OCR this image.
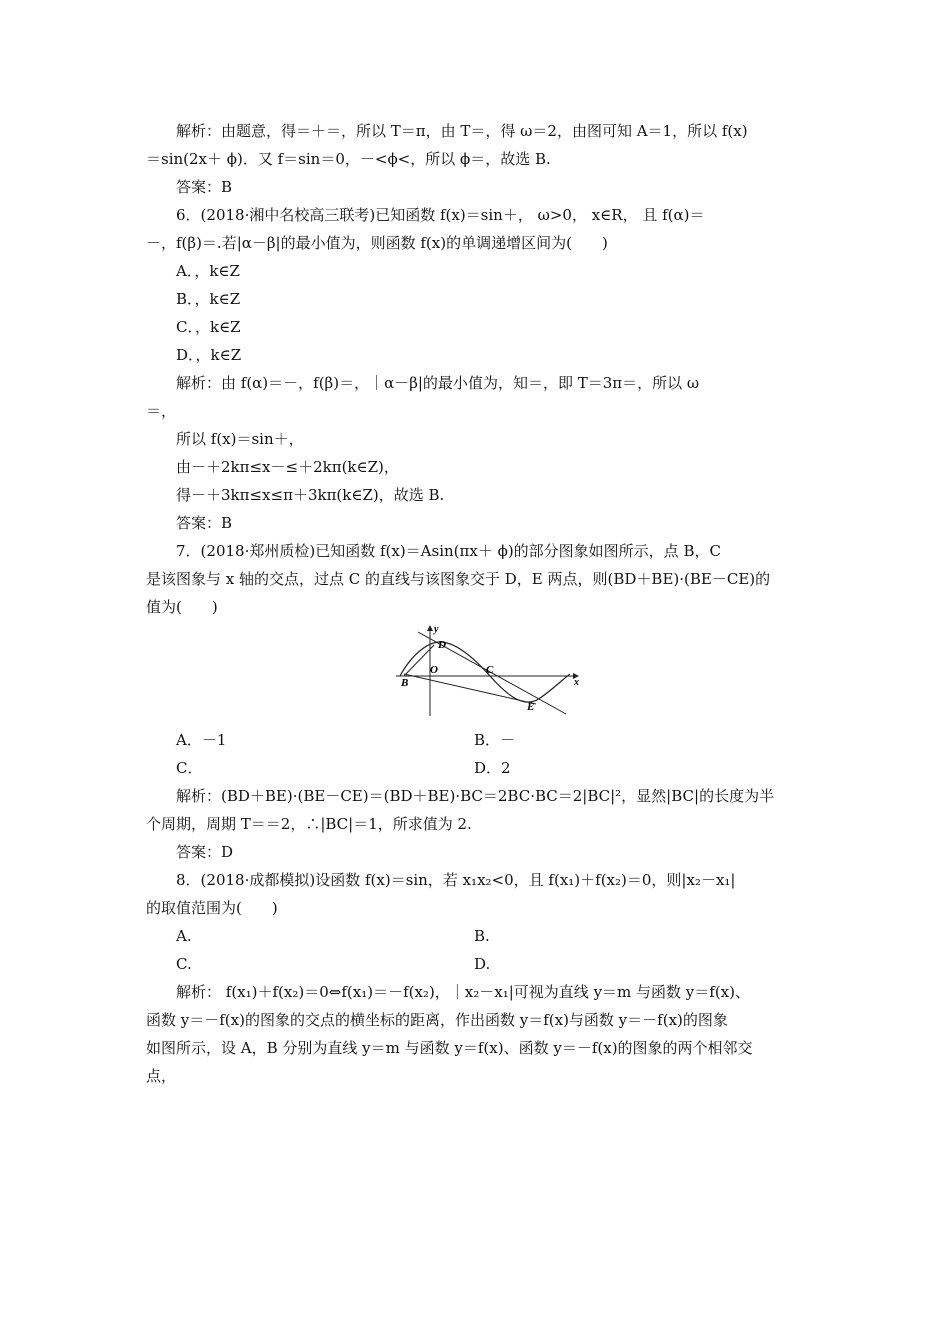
解析：由题意，得＝＋＝，所以 T＝π，由 T＝，得 ω＝2，由图可知 A＝1，所以 f(x)
＝sin(2x＋ ϕ)．又 f＝sin＝0，－<ϕ<，所以 ϕ＝，故选 B.
答案：B
6．(2018·湘中名校高三联考)已知函数 f(x)＝sin＋， ω>0， x∈R， 且 f(α)＝
－，f(β)＝.若|α－β|的最小值为，则函数 f(x)的单调递增区间为(　　)
A．，k∈Z
B．，k∈Z
C．，k∈Z
D．，k∈Z
解析：由 f(α)＝－，f(β)＝，｜α－β|的最小值为，知＝，即 T＝3π＝，所以 ω
＝，
所以 f(x)＝sin＋，
由－＋2kπ≤x－≤＋2kπ(k∈Z)，
得－＋3kπ≤x≤π＋3kπ(k∈Z)，故选 B.
答案：B
7．(2018·郑州质检)已知函数 f(x)＝Asin(πx＋ ϕ)的部分图象如图所示，点 B，C
是该图象与 x 轴的交点，过点 C 的直线与该图象交于 D，E 两点，则(BD＋BE)·(BE－CE)的
值为(　　)
y
x
D
O	C
B
E
A．－1	B．－
C．	D．2
解析：(BD＋BE)·(BE－CE)＝(BD＋BE)·BC＝2BC·BC＝2|BC|²，显然|BC|的长度为半
个周期，周期 T＝＝2，∴|BC|＝1，所求值为 2.
答案：D
8．(2018·成都模拟)设函数 f(x)＝sin，若 x₁x₂<0，且 f(x₁)＋f(x₂)＝0，则|x₂－x₁|
的取值范围为(　　)
A.	B.
C.	D.
解析： f(x₁)＋f(x₂)＝0⇔f(x₁)＝－f(x₂)，｜x₂－x₁|可视为直线 y＝m 与函数 y＝f(x)、
函数 y＝－f(x)的图象的交点的横坐标的距离，作出函数 y＝f(x)与函数 y＝－f(x)的图象
如图所示，设 A，B 分别为直线 y＝m 与函数 y＝f(x)、函数 y＝－f(x)的图象的两个相邻交
点，
